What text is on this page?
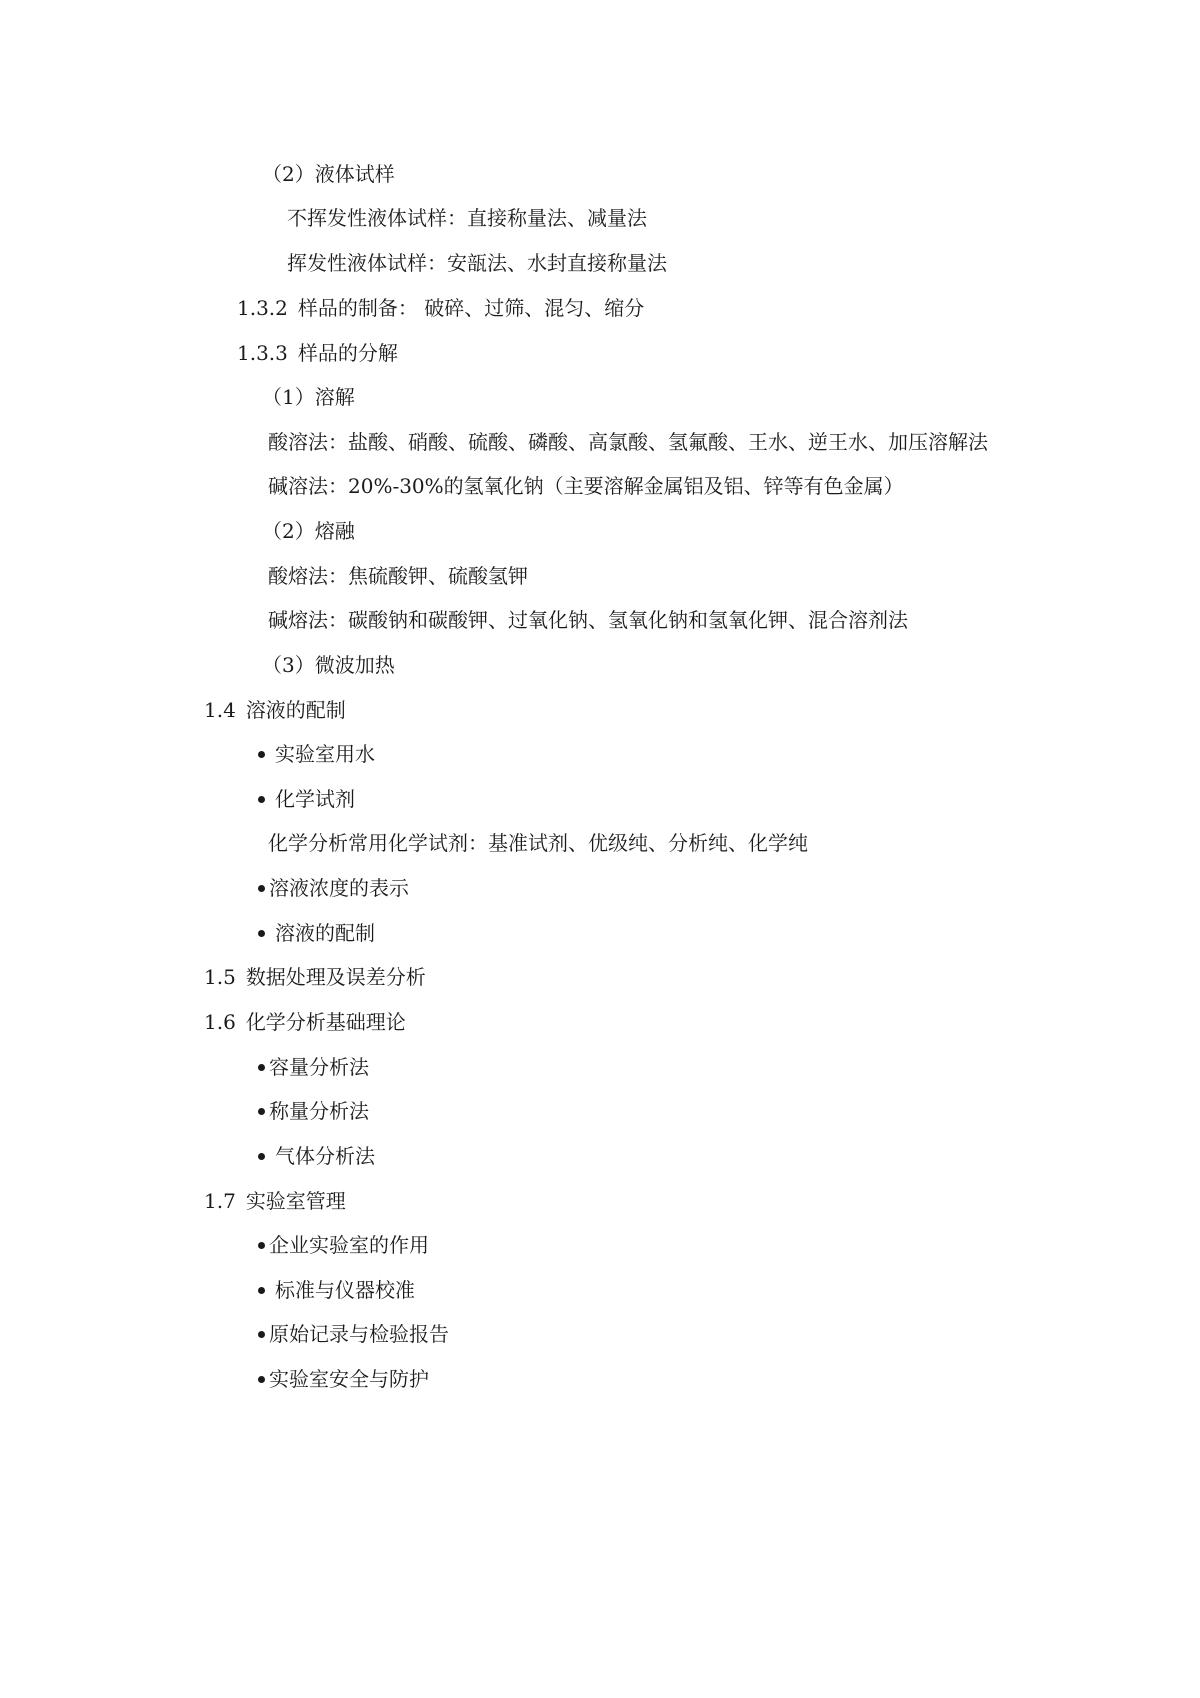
（2）液体试样
不挥发性液体试样：直接称量法、减量法
挥发性液体试样：安瓿法、水封直接称量法
1.3.2 样品的制备： 破碎、过筛、混匀、缩分
1.3.3 样品的分解
（1）溶解
酸溶法：盐酸、硝酸、硫酸、磷酸、高氯酸、氢氟酸、王水、逆王水、加压溶解法
碱溶法：20%-30%的氢氧化钠（主要溶解金属铝及铝、锌等有色金属）
（2）熔融
酸熔法：焦硫酸钾、硫酸氢钾
碱熔法：碳酸钠和碳酸钾、过氧化钠、氢氧化钠和氢氧化钾、混合溶剂法
（3）微波加热
1.4 溶液的配制
实验室用水
化学试剂
化学分析常用化学试剂：基准试剂、优级纯、分析纯、化学纯
溶液浓度的表示
溶液的配制
1.5 数据处理及误差分析
1.6 化学分析基础理论
容量分析法
称量分析法
气体分析法
1.7 实验室管理
企业实验室的作用
标准与仪器校准
原始记录与检验报告
实验室安全与防护
